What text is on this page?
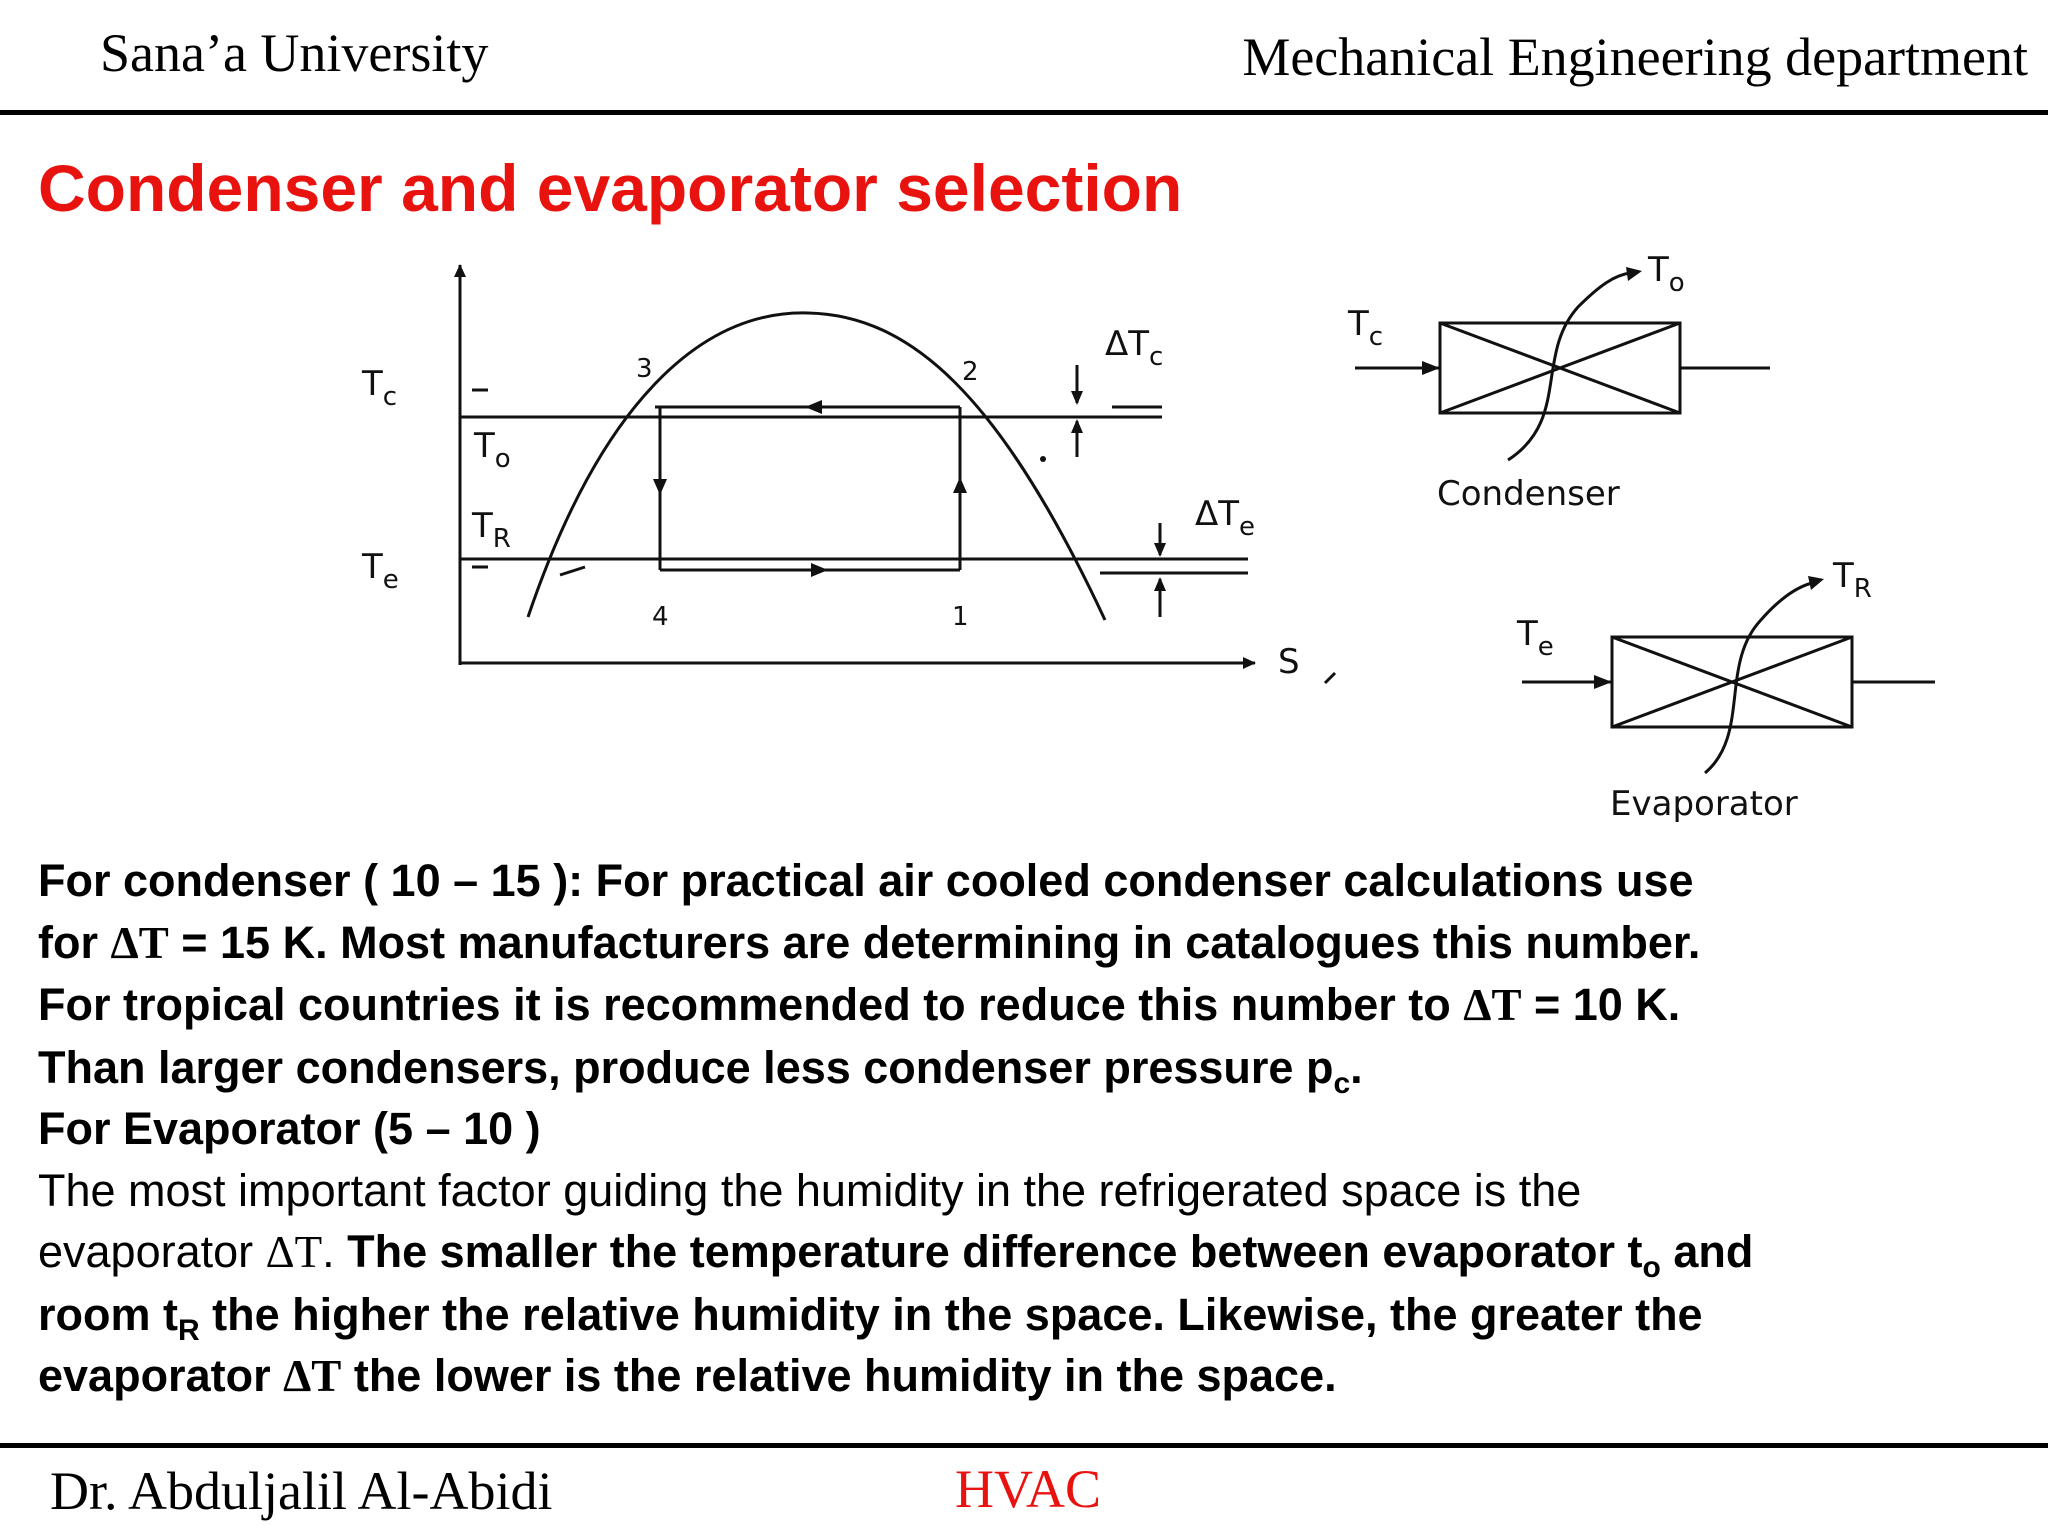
Sana’a University	Mechanical Engineering department
Condenser and evaporator selection
$T_c$
$T_e$
$T_o$
$T_R$
$\Delta T_c$
$\Delta T_e$
S
1
2
3
4
$T_c$
$T_o$
Condenser
$T_e$
$T_R$
Evaporator
For condenser ( 10 – 15 ): For practical air cooled condenser calculations use
for ΔT = 15 K. Most manufacturers are determining in catalogues this number.
For tropical countries it is recommended to reduce this number to ΔT = 10 K.
Than larger condensers, produce less condenser pressure $p_c$.
For Evaporator (5 – 10 )
The most important factor guiding the humidity in the refrigerated space is the
evaporator ΔT. The smaller the temperature difference between evaporator $t_o$ and
room $t_R$ the higher the relative humidity in the space. Likewise, the greater the
evaporator ΔT the lower is the relative humidity in the space.
Dr. Abduljalil Al-Abidi	HVAC
